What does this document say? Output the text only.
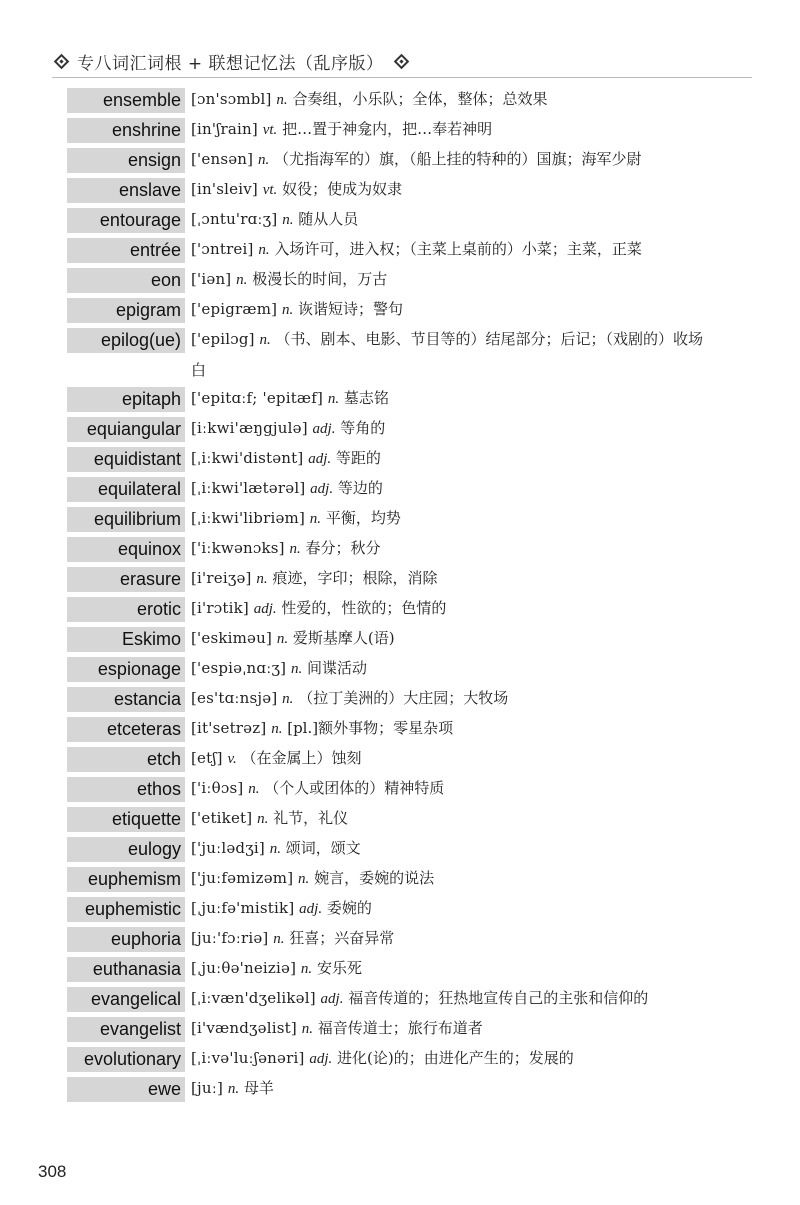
专八词汇词根 + 联想记忆法（乱序版）
ensemble [ɔn'sɔmbl] n. 合奏组，小乐队；全体，整体；总效果
enshrine [in'ʃrain] vt. 把…置于神龛内，把…奉若神明
ensign ['ensən] n. （尤指海军的）旗，（船上挂的特种的）国旗；海军少尉
enslave [in'sleiv] vt. 奴役；使成为奴隶
entourage [ˌɔntu'rɑːʒ] n. 随从人员
entrée ['ɔntrei] n. 入场许可，进入权；（主菜上桌前的）小菜；主菜，正菜
eon ['iən] n. 极漫长的时间，万古
epigram ['epigræm] n. 诙谐短诗；警句
epilog(ue) ['epilɔg] n. （书、剧本、电影、节目等的）结尾部分；后记；（戏剧的）收场白
epitaph ['epitɑːf; 'epitæf] n. 墓志铭
equiangular [iːkwi'æŋgjulə] adj. 等角的
equidistant [ˌiːkwi'distənt] adj. 等距的
equilateral [ˌiːkwi'lætərəl] adj. 等边的
equilibrium [ˌiːkwi'libriəm] n. 平衡，均势
equinox ['iːkwənɔks] n. 春分；秋分
erasure [i'reiʒə] n. 痕迹，字印；根除，消除
erotic [i'rɔtik] adj. 性爱的，性欲的；色情的
Eskimo ['eskiməu] n. 爱斯基摩人(语)
espionage ['espiəˌnɑːʒ] n. 间谍活动
estancia [es'tɑːnsjə] n. （拉丁美洲的）大庄园；大牧场
etceteras [it'setrəz] n. [pl.]额外事物；零星杂项
etch [etʃ] v. （在金属上）蚀刻
ethos ['iːθɔs] n. （个人或团体的）精神特质
etiquette ['etiket] n. 礼节，礼仪
eulogy ['juːlədʒi] n. 颂词，颂文
euphemism ['juːfəmizəm] n. 婉言，委婉的说法
euphemistic [ˌjuːfə'mistik] adj. 委婉的
euphoria [juː'fɔːriə] n. 狂喜；兴奋异常
euthanasia [ˌjuːθə'neiziə] n. 安乐死
evangelical [ˌiːvæn'dʒelikəl] adj. 福音传道的；狂热地宣传自己的主张和信仰的
evangelist [i'vændʒəlist] n. 福音传道士；旅行布道者
evolutionary [ˌiːvə'luːʃənəri] adj. 进化(论)的；由进化产生的；发展的
ewe [juː] n. 母羊
308
